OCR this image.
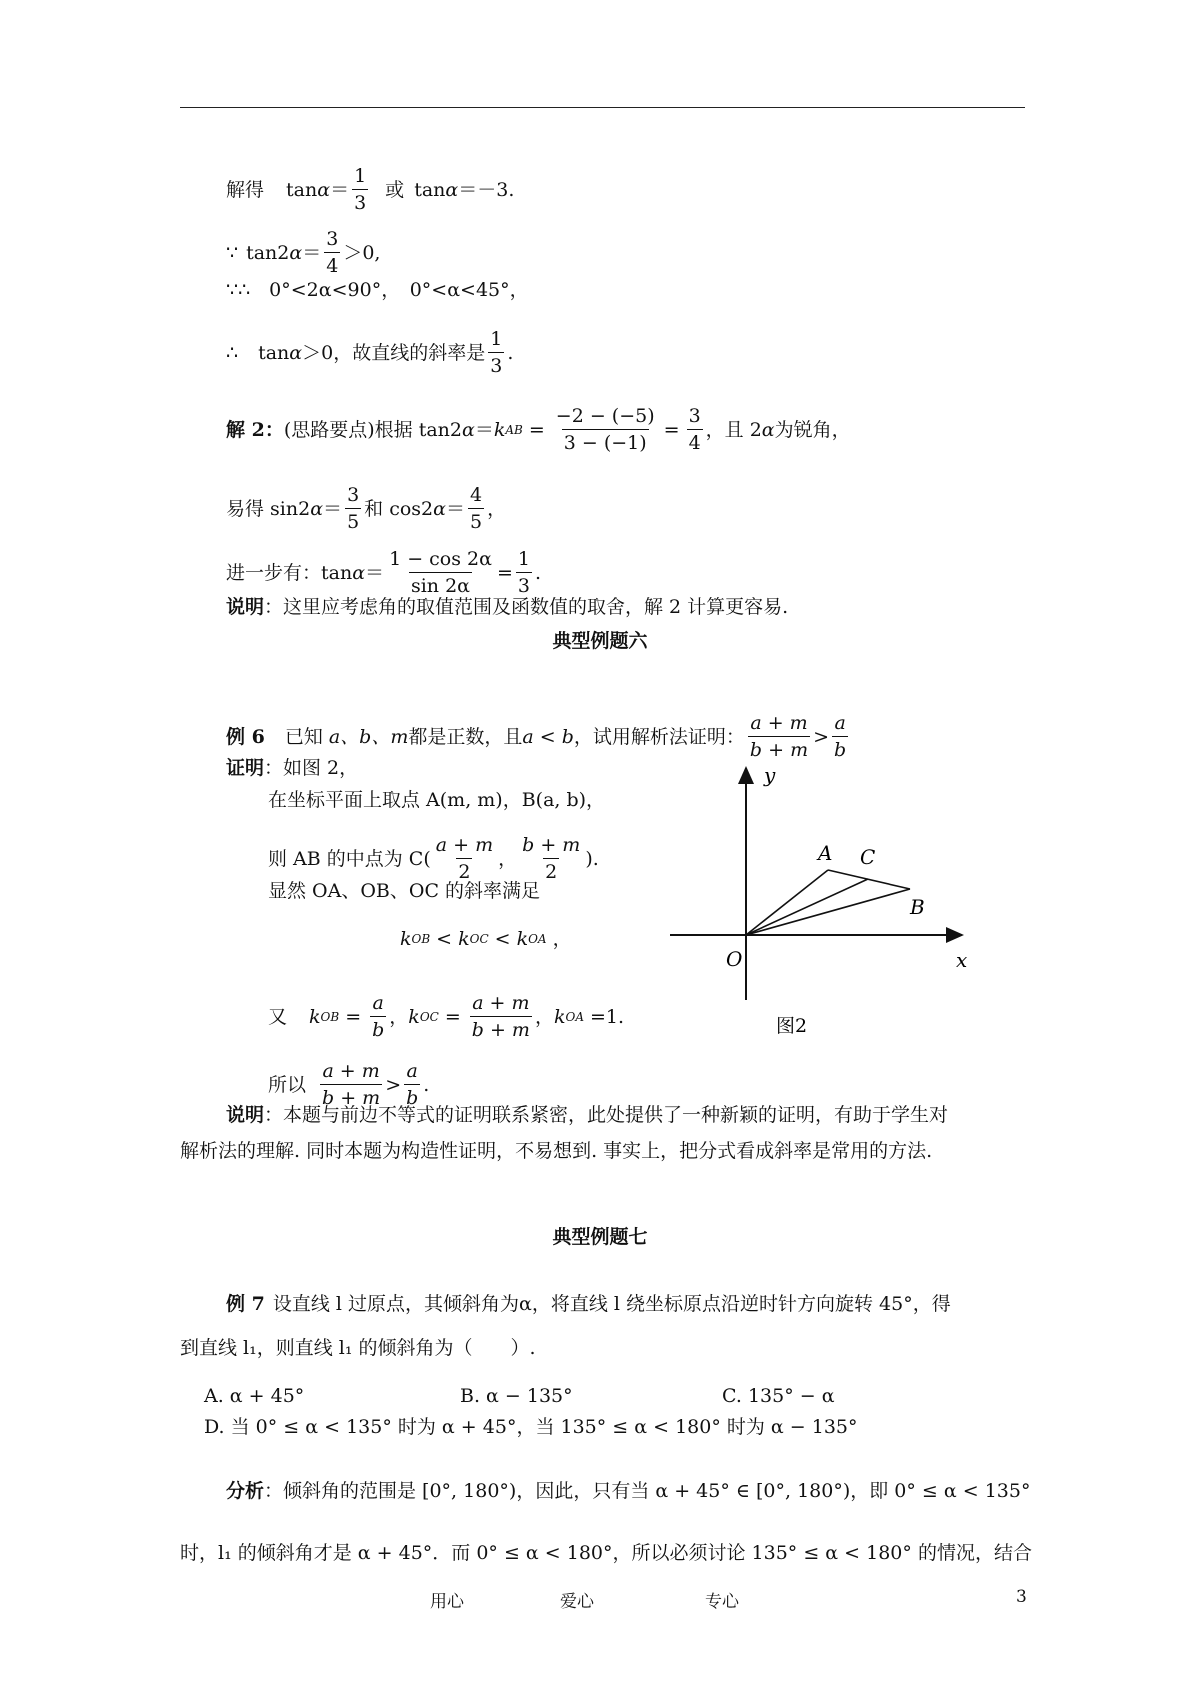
解得 $\tan \alpha = \frac{1}{3}$ 或 tan α ＝－3.
∵ tan2 $\alpha = \frac{3}{4} >0$,
∵∴　0°<2α<90°，　0°<α<45°，
∴ tan α ＞0，故直线的斜率是 $\frac{1}{3}$ .
解 2 ： (思路要点)根据 tan2 α ＝ k AB = $\frac{-2 - (-5)}{3 - (-1)} = \frac{3}{4}$ ，且 2 α 为锐角，
易得 sin2 $\alpha = \frac{3}{5}$ 和 cos2 $\alpha = \frac{4}{5}$ ，
进一步有：$\tan \alpha = \frac{1 - \cos 2\alpha}{\sin 2\alpha} = \frac{1}{3}$ .
说明 ：这里应考虑角的取值范围及函数值的取舍，解 2 计算更容易.
典型例题六
例 6 已知 a、b、m 都是正数，且 a < b ，试用解析法证明： $\frac{a + m}{b + m} > \frac{a}{b}$
证明 ：如图 2，
在坐标平面上取点 A(m, m)，B(a, b)，
则 AB 的中点为 $C( \frac{a + m}{2}$ ， $\frac{b + m}{2}$ ).
显然 OA、OB、OC 的斜率满足
k OB < k OC < k OA ，
又 k OB = $\frac{a}{b}$ ， k OC = $\frac{a + m}{b + m}$ ， k OA =1.
所以 $\frac{a + m}{b + m} > \frac{a}{b}$ .
y
x
O
A C
B
图2
说明：本题与前边不等式的证明联系紧密，此处提供了一种新颖的证明，有助于学生对
解析法的理解. 同时本题为构造性证明，不易想到. 事实上，把分式看成斜率是常用的方法.
典型例题七
例 7 设直线 l 过原点，其倾斜角为α，将直线 l 绕坐标原点沿逆时针方向旋转 45°，得
到直线 l₁，则直线 l₁ 的倾斜角为（　　）.
A. α + 45°	B. α − 135°	C. 135° − α
D. 当 0° ≤ α < 135° 时为 α + 45°，当 135° ≤ α < 180° 时为 α − 135°
分析：倾斜角的范围是 [0°, 180°)，因此，只有当 α + 45° ∈ [0°, 180°)，即 0° ≤ α < 135°
时，l₁ 的倾斜角才是 α + 45°．而 0° ≤ α < 180°，所以必须讨论 135° ≤ α < 180° 的情况，结合
用心	爱心	专心	3
